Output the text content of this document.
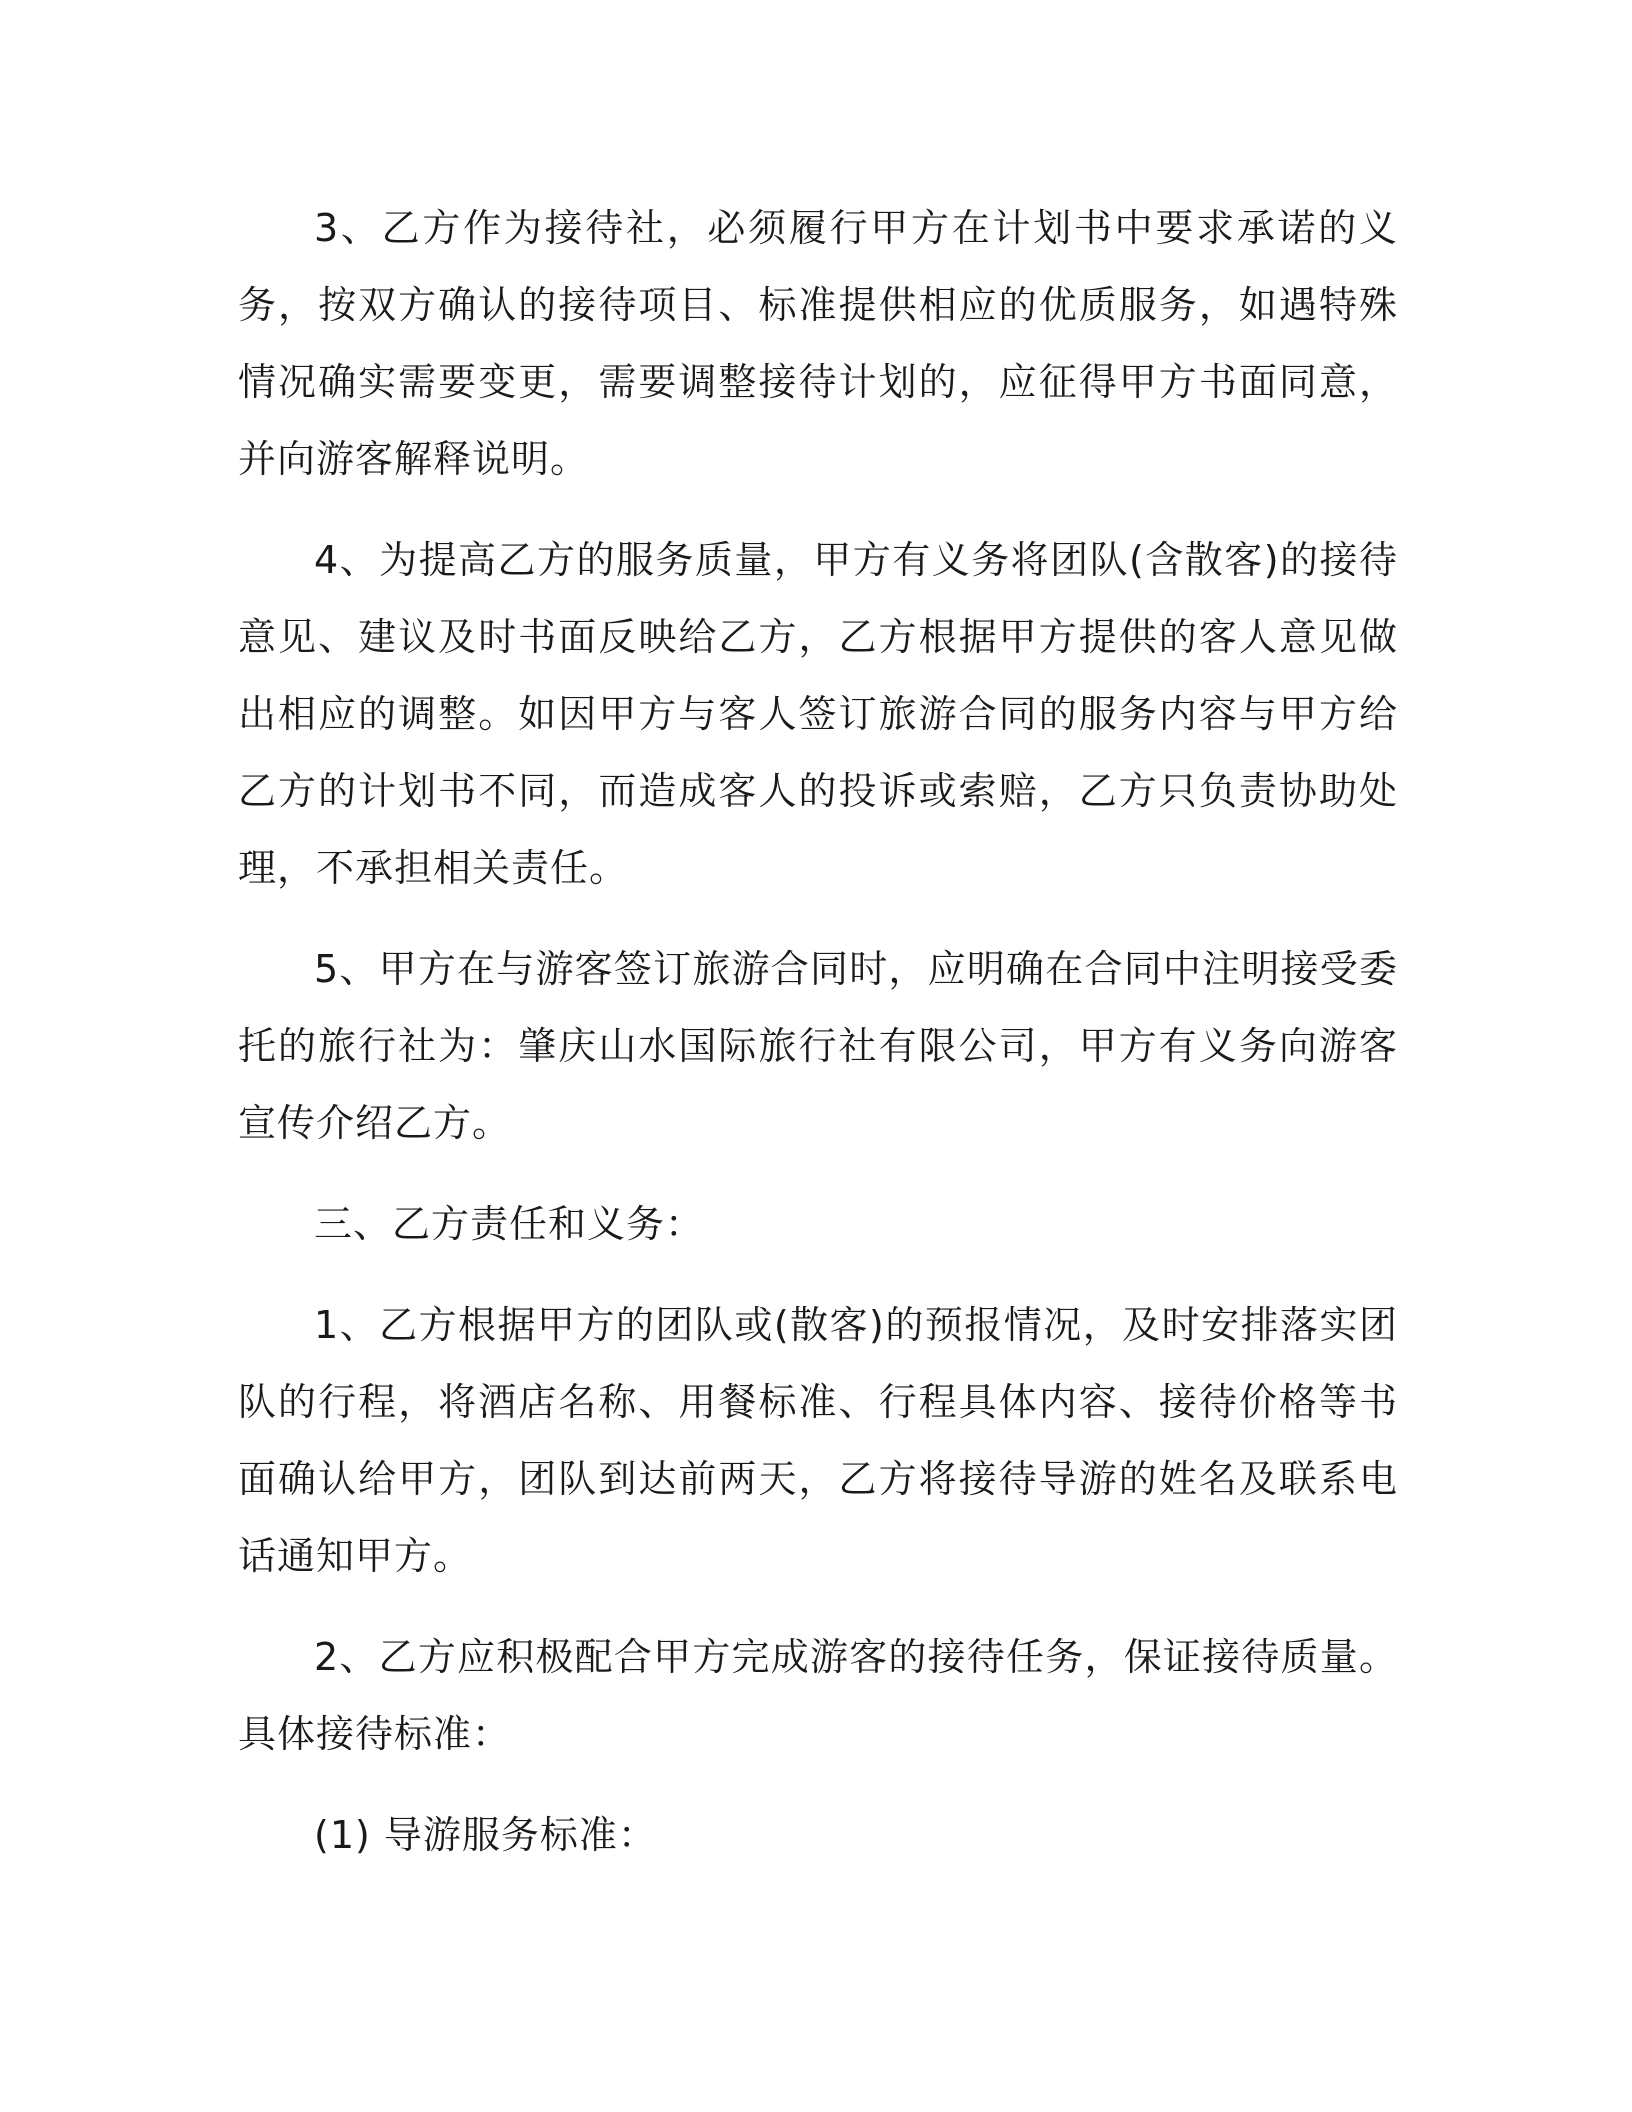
3、乙方作为接待社，必须履行甲方在计划书中要求承诺的义务，按双方确认的接待项目、标准提供相应的优质服务，如遇特殊情况确实需要变更，需要调整接待计划的，应征得甲方书面同意，并向游客解释说明。

4、为提高乙方的服务质量，甲方有义务将团队(含散客)的接待意见、建议及时书面反映给乙方，乙方根据甲方提供的客人意见做出相应的调整。如因甲方与客人签订旅游合同的服务内容与甲方给乙方的计划书不同，而造成客人的投诉或索赔，乙方只负责协助处理，不承担相关责任。

5、甲方在与游客签订旅游合同时，应明确在合同中注明接受委托的旅行社为：肇庆山水国际旅行社有限公司，甲方有义务向游客宣传介绍乙方。

三、乙方责任和义务：

1、乙方根据甲方的团队或(散客)的预报情况，及时安排落实团队的行程，将酒店名称、用餐标准、行程具体内容、接待价格等书面确认给甲方，团队到达前两天，乙方将接待导游的姓名及联系电话通知甲方。

2、乙方应积极配合甲方完成游客的接待任务，保证接待质量。具体接待标准：

(1) 导游服务标准：
